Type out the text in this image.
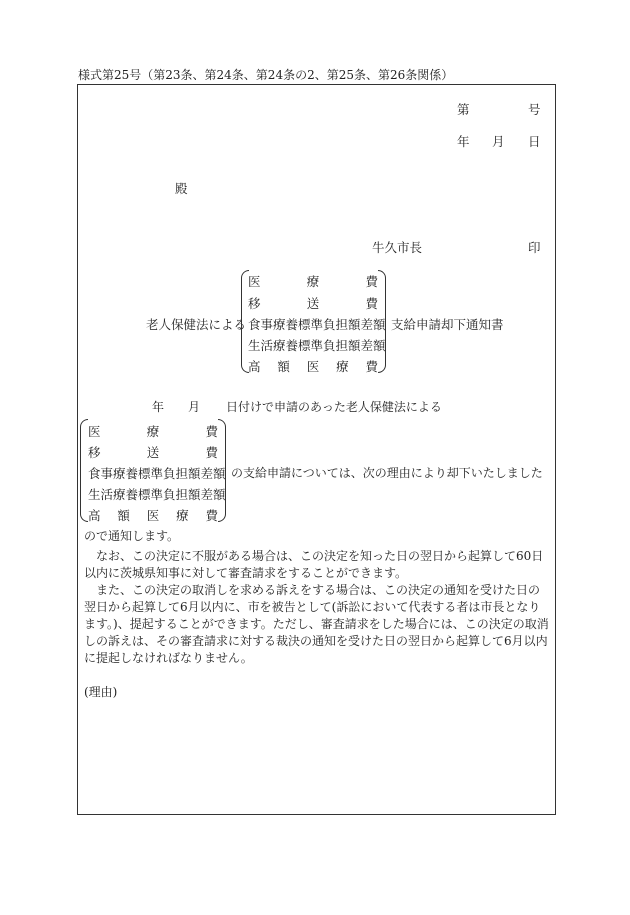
様式第25号（第23条、第24条、第24条の2、第25条、第26条関係）
第	号
年 月 日
殿
牛久市長	印
老人保健法による
医	療	費
移	送	費
食事療養標準負担額差額
生活療養標準負担額差額
高 額 医 療 費
支給申請却下通知書
年 月 日付けで申請のあった老人保健法による
医	療	費
移	送	費
食事療養標準負担額差額
生活療養標準負担額差額
高 額 医 療 費
の支給申請については、次の理由により却下いたしました
ので通知します。
なお、この決定に不服がある場合は、この決定を知った日の翌日から起算して60日以内に茨城県知事に対して審査請求をすることができます。
また、この決定の取消しを求める訴えをする場合は、この決定の通知を受けた日の翌日から起算して6月以内に、市を被告として(訴訟において代表する者は市長となります。)、提起することができます。ただし、審査請求をした場合には、この決定の取消しの訴えは、その審査請求に対する裁決の通知を受けた日の翌日から起算して6月以内に提起しなければなりません。
(理由)
